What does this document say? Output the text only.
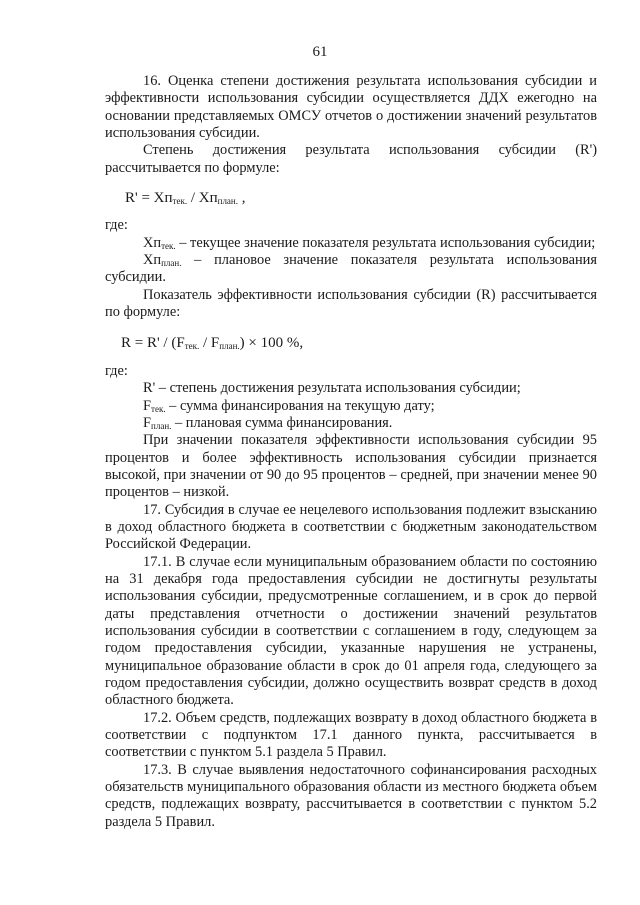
61

16. Оценка степени достижения результата использования субсидии и эффективности использования субсидии осуществляется ДДХ ежегодно на основании представляемых ОМСУ отчетов о достижении значений результатов использования субсидии.

Степень достижения результата использования субсидии (R') рассчитывается по формуле:

$R' = Xп_{тек.} / Xп_{план.}$ ,

где:

$Xп_{тек.}$ – текущее значение показателя результата использования субсидии;

$Xп_{план.}$ – плановое значение показателя результата использования субсидии.

Показатель эффективности использования субсидии (R) рассчитывается по формуле:

$R = R' / (F_{тек.} / F_{план.}) \times 100$ %,

где:

R' – степень достижения результата использования субсидии;

$F_{тек.}$ – сумма финансирования на текущую дату;

$F_{план.}$ – плановая сумма финансирования.

При значении показателя эффективности использования субсидии 95 процентов и более эффективность использования субсидии признается высокой, при значении от 90 до 95 процентов – средней, при значении менее 90 процентов – низкой.

17. Субсидия в случае ее нецелевого использования подлежит взысканию в доход областного бюджета в соответствии с бюджетным законодательством Российской Федерации.

17.1. В случае если муниципальным образованием области по состоянию на 31 декабря года предоставления субсидии не достигнуты результаты использования субсидии, предусмотренные соглашением, и в срок до первой даты представления отчетности о достижении значений результатов использования субсидии в соответствии с соглашением в году, следующем за годом предоставления субсидии, указанные нарушения не устранены, муниципальное образование области в срок до 01 апреля года, следующего за годом предоставления субсидии, должно осуществить возврат средств в доход областного бюджета.

17.2. Объем средств, подлежащих возврату в доход областного бюджета в соответствии с подпунктом 17.1 данного пункта, рассчитывается в соответствии с пунктом 5.1 раздела 5 Правил.

17.3. В случае выявления недостаточного софинансирования расходных обязательств муниципального образования области из местного бюджета объем средств, подлежащих возврату, рассчитывается в соответствии с пунктом 5.2 раздела 5 Правил.
